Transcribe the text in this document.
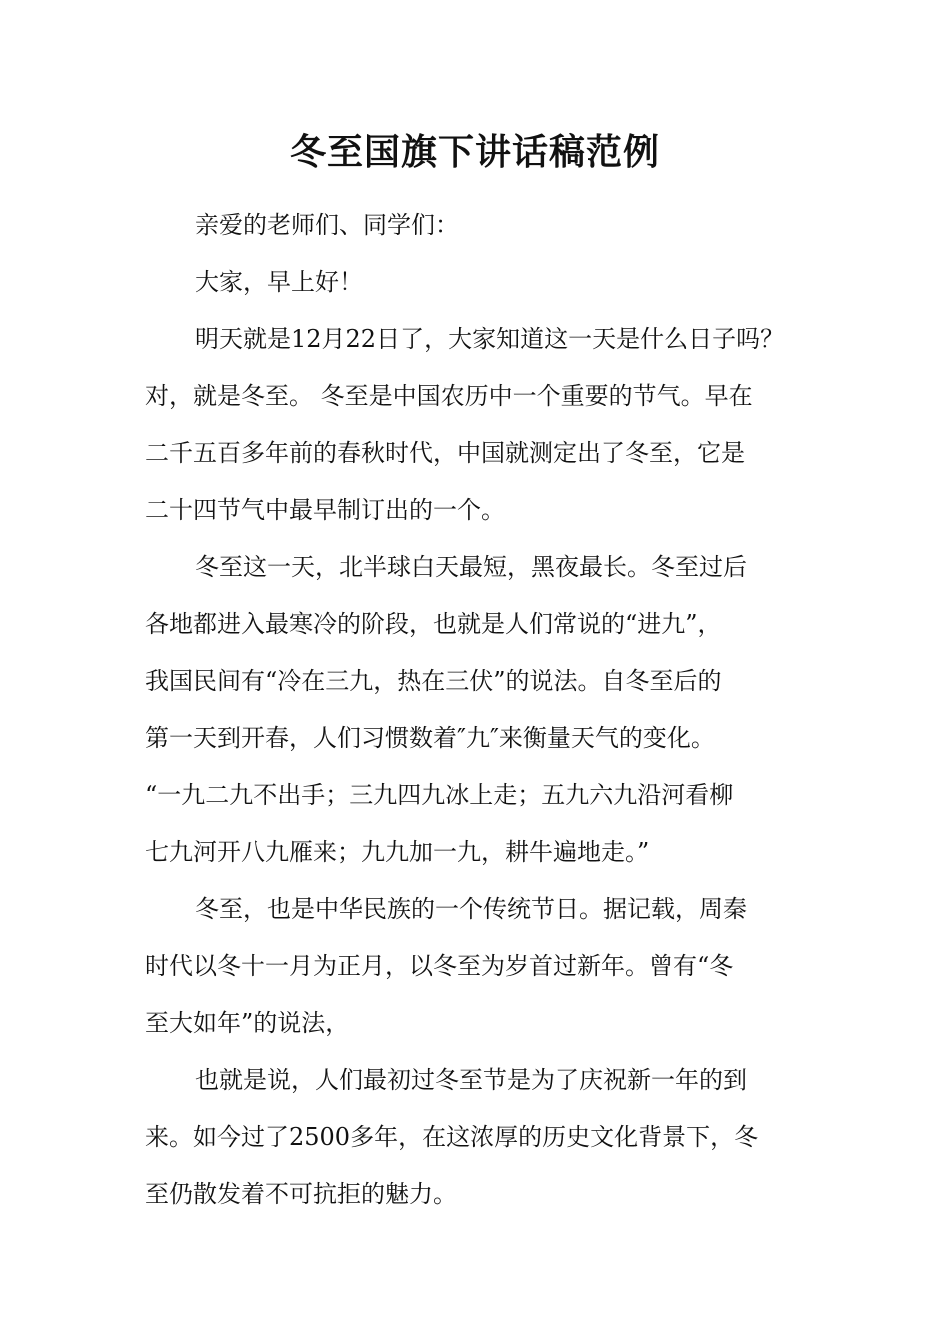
冬至国旗下讲话稿范例
亲爱的老师们、同学们：
大家，早上好！
明天就是12月22日了，大家知道这一天是什么日子吗？
对，就是冬至。 冬至是中国农历中一个重要的节气。早在
二千五百多年前的春秋时代，中国就测定出了冬至，它是
二十四节气中最早制订出的一个。
冬至这一天，北半球白天最短，黑夜最长。冬至过后
各地都进入最寒冷的阶段，也就是人们常说的“进九”，
我国民间有“冷在三九，热在三伏”的说法。自冬至后的
第一天到开春，人们习惯数着″九″来衡量天气的变化。
“一九二九不出手；三九四九冰上走；五九六九沿河看柳
七九河开八九雁来；九九加一九，耕牛遍地走。”
冬至，也是中华民族的一个传统节日。据记载，周秦
时代以冬十一月为正月，以冬至为岁首过新年。曾有“冬
至大如年”的说法，
也就是说，人们最初过冬至节是为了庆祝新一年的到
来。如今过了2500多年，在这浓厚的历史文化背景下，冬
至仍散发着不可抗拒的魅力。
